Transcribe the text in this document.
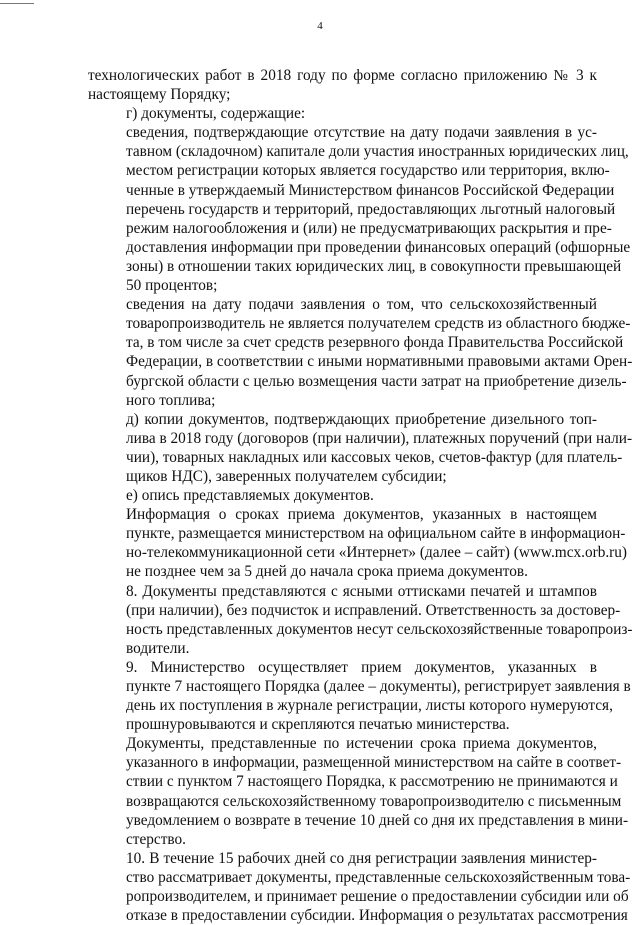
4

технологических работ в 2018 году по форме согласно приложению № 3 к
настоящему Порядку;

г) документы, содержащие:

сведения, подтверждающие отсутствие на дату подачи заявления в ус-
тавном (складочном) капитале доли участия иностранных юридических лиц,
местом регистрации которых является государство или территория, вклю-
ченные в утверждаемый Министерством финансов Российской Федерации
перечень государств и территорий, предоставляющих льготный налоговый
режим налогообложения и (или) не предусматривающих раскрытия и пре-
доставления информации при проведении финансовых операций (офшорные
зоны) в отношении таких юридических лиц, в совокупности превышающей
50 процентов;

сведения на дату подачи заявления о том, что сельскохозяйственный
товаропроизводитель не является получателем средств из областного бюдже-
та, в том числе за счет средств резервного фонда Правительства Российской
Федерации, в соответствии с иными нормативными правовыми актами Орен-
бургской области с целью возмещения части затрат на приобретение дизель-
ного топлива;

д) копии документов, подтверждающих приобретение дизельного топ-
лива в 2018 году (договоров (при наличии), платежных поручений (при нали-
чии), товарных накладных или кассовых чеков, счетов-фактур (для платель-
щиков НДС), заверенных получателем субсидии;

е) опись представляемых документов.

Информация о сроках приема документов, указанных в настоящем
пункте, размещается министерством на официальном сайте в информацион-
но-телекоммуникационной сети «Интернет» (далее – сайт) (www.mcx.orb.ru)
не позднее чем за 5 дней до начала срока приема документов.

8. Документы представляются с ясными оттисками печатей и штампов
(при наличии), без подчисток и исправлений. Ответственность за достовер-
ность представленных документов несут сельскохозяйственные товаропроиз-
водители.

9. Министерство осуществляет прием документов, указанных в
пункте 7 настоящего Порядка (далее – документы), регистрирует заявления в
день их поступления в журнале регистрации, листы которого нумеруются,
прошнуровываются и скрепляются печатью министерства.

Документы, представленные по истечении срока приема документов,
указанного в информации, размещенной министерством на сайте в соответ-
ствии с пунктом 7 настоящего Порядка, к рассмотрению не принимаются и
возвращаются сельскохозяйственному товаропроизводителю с письменным
уведомлением о возврате в течение 10 дней со дня их представления в мини-
стерство.

10. В течение 15 рабочих дней со дня регистрации заявления министер-
ство рассматривает документы, представленные сельскохозяйственным това-
ропроизводителем, и принимает решение о предоставлении субсидии или об
отказе в предоставлении субсидии. Информация о результатах рассмотрения
